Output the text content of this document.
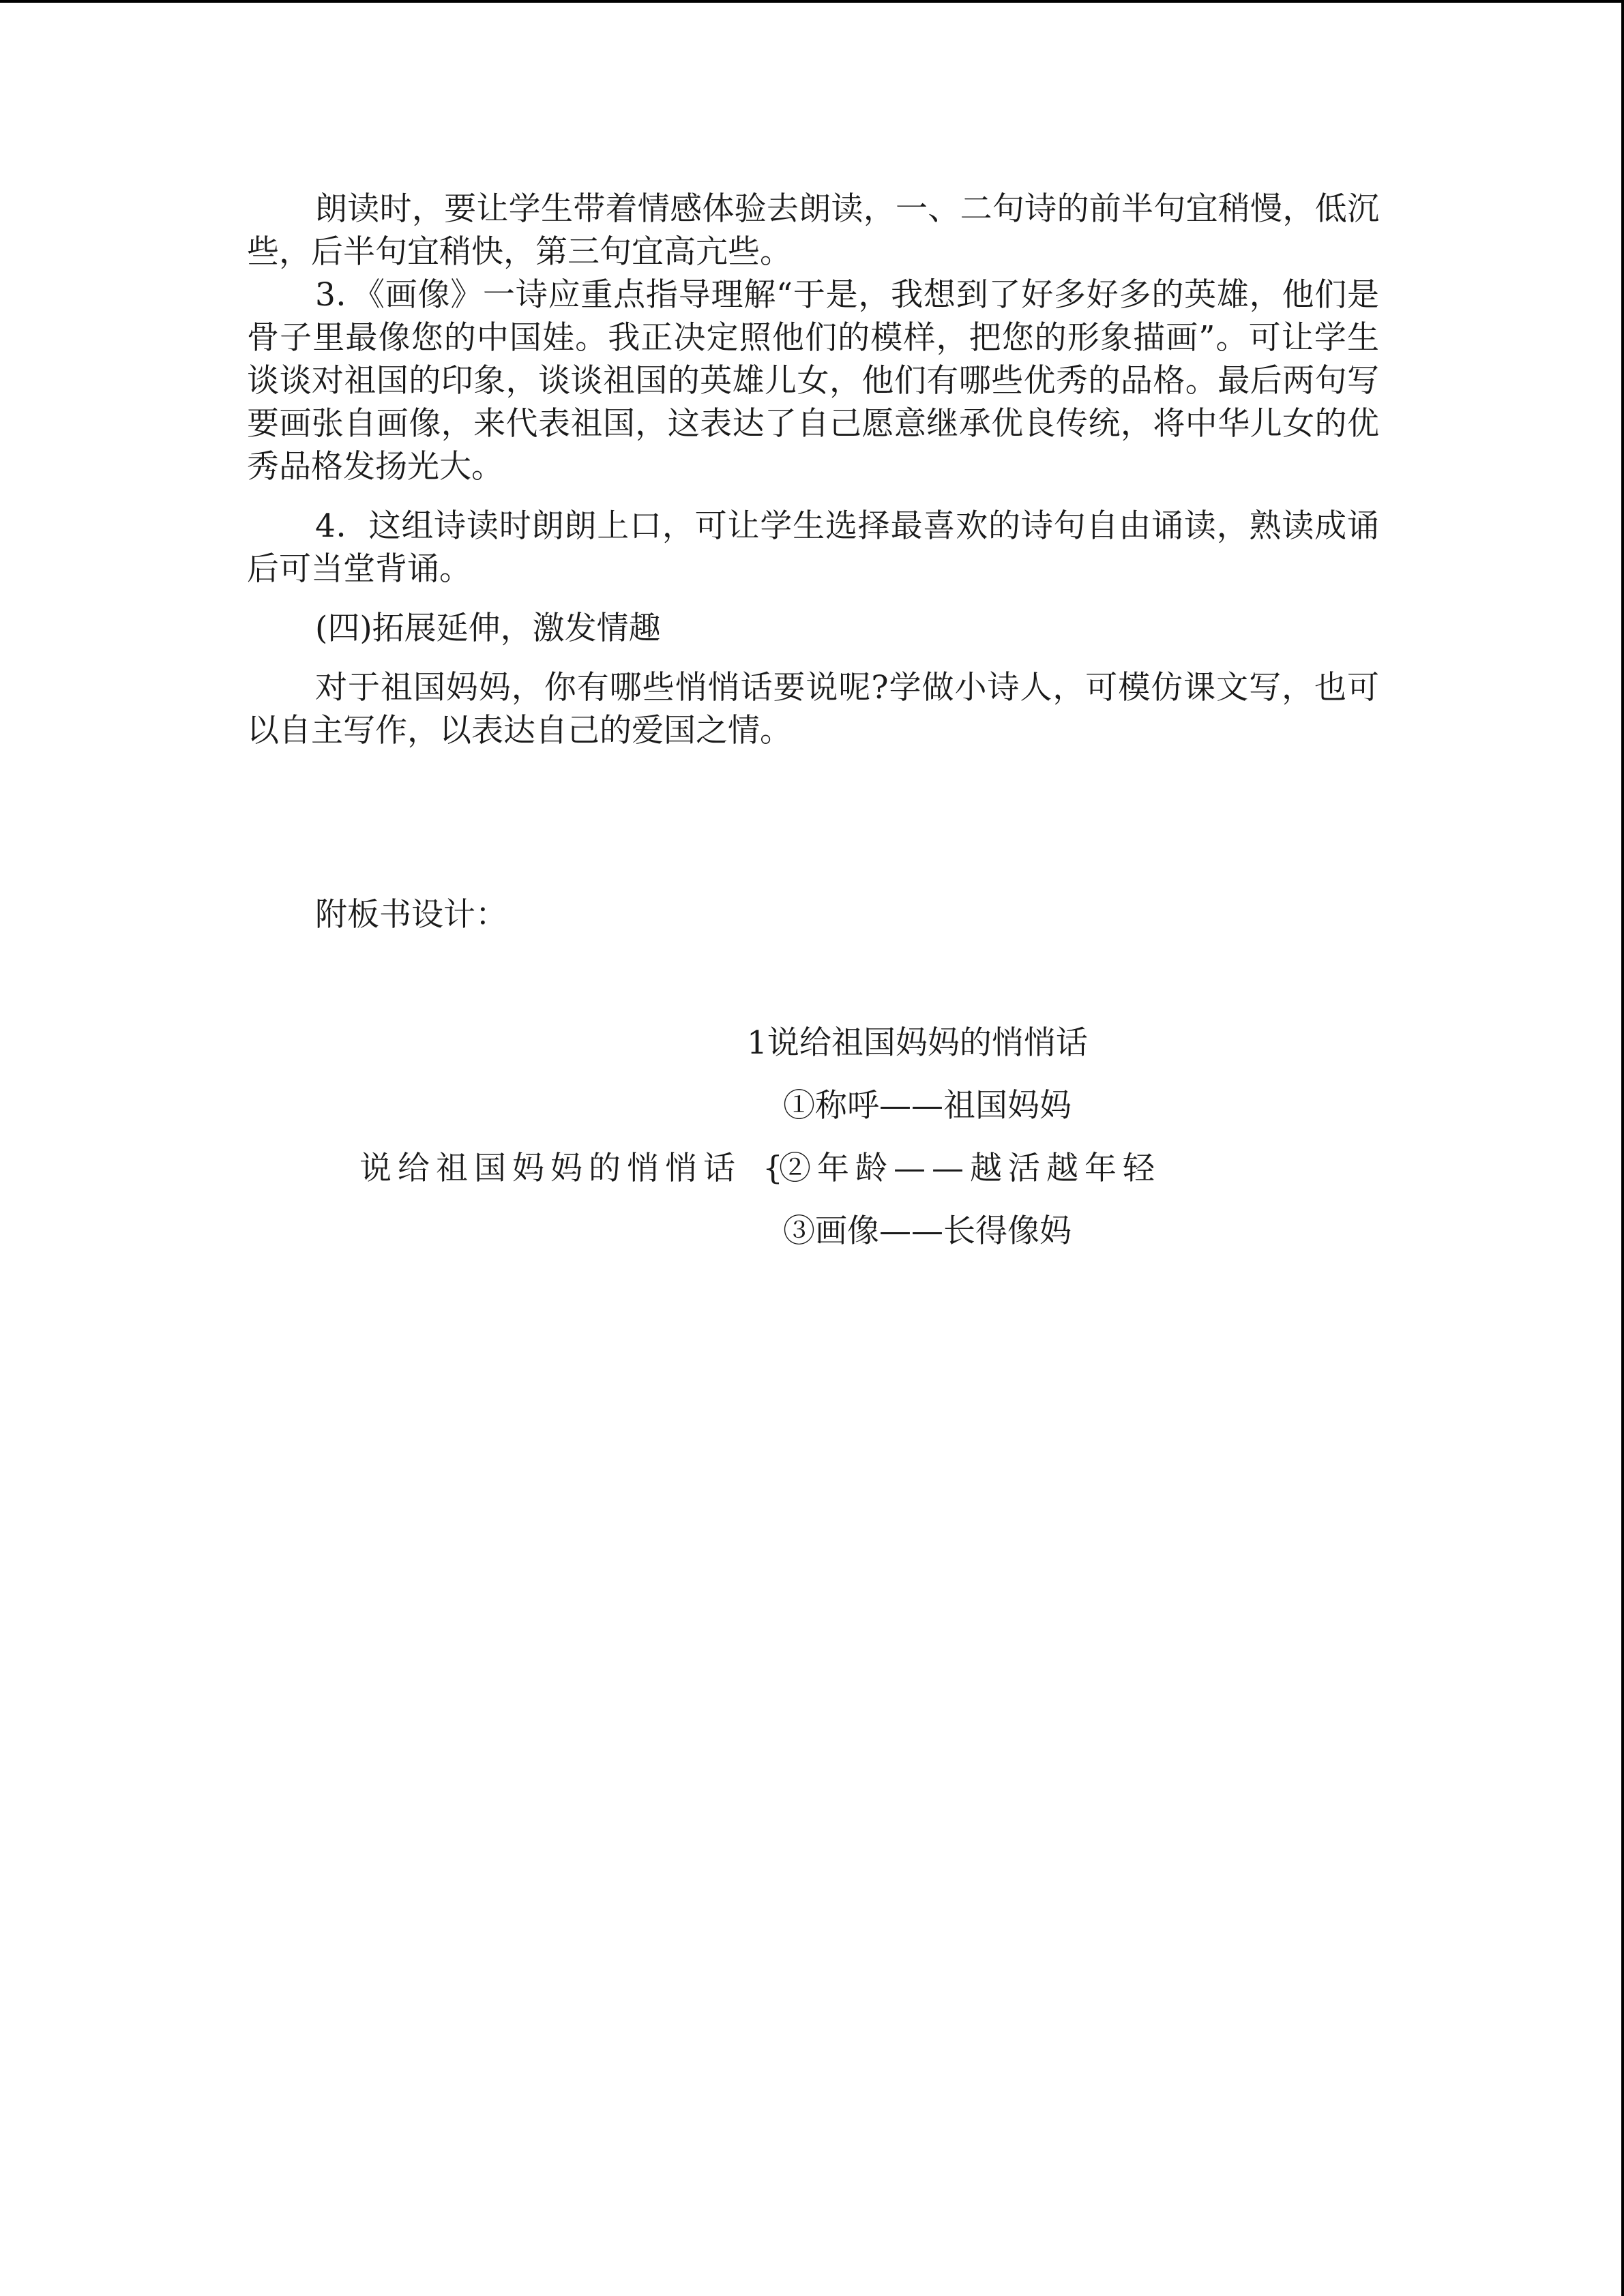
朗读时，要让学生带着情感体验去朗读，一、二句诗的前半句宜稍慢，低沉些，后半句宜稍快，第三句宜高亢些。

3．《画像》一诗应重点指导理解“于是，我想到了好多好多的英雄，他们是骨子里最像您的中国娃。我正决定照他们的模样，把您的形象描画”。可让学生谈谈对祖国的印象，谈谈祖国的英雄儿女，他们有哪些优秀的品格。最后两句写要画张自画像，来代表祖国，这表达了自己愿意继承优良传统，将中华儿女的优秀品格发扬光大。

4．这组诗读时朗朗上口，可让学生选择最喜欢的诗句自由诵读，熟读成诵后可当堂背诵。

(四)拓展延伸，激发情趣

对于祖国妈妈，你有哪些悄悄话要说呢?学做小诗人，可模仿课文写，也可以自主写作，以表达自己的爱国之情。

附板书设计：
1说给祖国妈妈的悄悄话
①称呼——祖国妈妈
说给祖国妈妈的悄悄话 {
②年龄——越活越年轻
③画像——长得像妈
